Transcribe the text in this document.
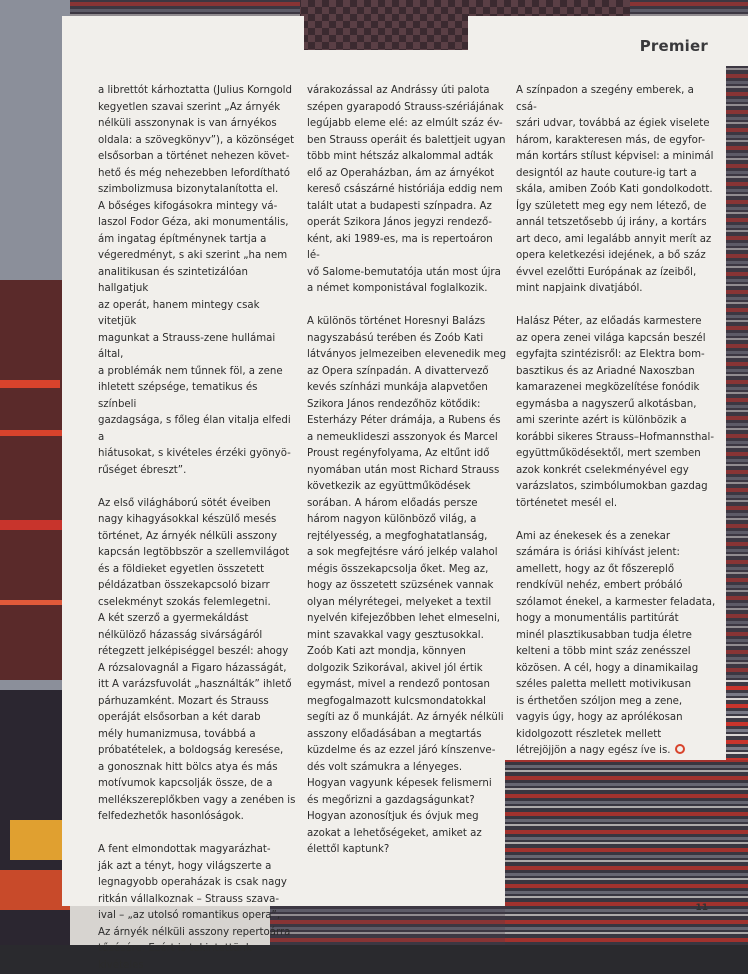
Premier

a librettót kárhoztatta (Julius Korngold
kegyetlen szavai szerint „Az árnyék
nélküli asszonynak is van árnyékos
oldala: a szövegkönyv”), a közönséget
elsősorban a történet nehezen követ-
hető és még nehezebben lefordítható
szimbolizmusa bizonytalanította el.
A bőséges kifogásokra mintegy vá-
laszol Fodor Géza, aki monumentális,
ám ingatag építménynek tartja a
végeredményt, s aki szerint „ha nem
analitikusan és szintetizálóan hallgatjuk
az operát, hanem mintegy csak vitetjük
magunkat a Strauss-zene hullámai által,
a problémák nem tűnnek föl, a zene
ihletett szépsége, tematikus és színbeli
gazdagsága, s főleg élan vitalja elfedi a
hiátusokat, s kivételes érzéki gyönyö-
rűséget ébreszt”.

Az első világháború sötét éveiben
nagy kihagyásokkal készülő mesés
történet, Az árnyék nélküli asszony
kapcsán legtöbbször a szellemvilágot
és a földieket egyetlen összetett
példázatban összekapcsoló bizarr
cselekményt szokás felemlegetni.
A két szerző a gyermekáldást
nélkülöző házasság sivárságáról
rétegzett jelképiséggel beszél: ahogy
A rózsalovagnál a Figaro házasságát,
itt A varázsfuvolát „használták” ihlető
párhuzamként. Mozart és Strauss
operáját elsősorban a két darab
mély humanizmusa, továbbá a
próbatételek, a boldogság keresése,
a gonosznak hitt bölcs atya és más
motívumok kapcsolják össze, de a
mellékszereplőkben vagy a zenében is
felfedezhetők hasonlóságok.

A fent elmondottak magyarázhat-
ják azt a tényt, hogy világszerte a
legnagyobb operaházak is csak nagy
ritkán vállalkoznak – Strauss szava-
ival – „az utolsó romantikus opera”,
Az árnyék nélküli asszony repertoárra
tűzésére. Ezért is tekintettünk kivételes

várakozással az Andrássy úti palota
szépen gyarapodó Strauss-szériájának
legújabb eleme elé: az elmúlt száz év-
ben Strauss operáit és balettjeit ugyan
több mint hétszáz alkalommal adták
elő az Operaházban, ám az árnyékot
kereső császárné históriája eddig nem
talált utat a budapesti színpadra. Az
operát Szikora János jegyzi rendező-
ként, aki 1989-es, ma is repertoáron lé-
vő Salome-bemutatója után most újra
a német komponistával foglalkozik.

A különös történet Horesnyi Balázs
nagyszabású terében és Zoób Kati
látványos jelmezeiben elevenedik meg
az Opera színpadán. A divattervező
kevés színházi munkája alapvetően
Szikora János rendezőhöz kötődik:
Esterházy Péter drámája, a Rubens és
a nemeuklideszi asszonyok és Marcel
Proust regényfolyama, Az eltűnt idő
nyomában után most Richard Strauss
következik az együttműködések
sorában. A három előadás persze
három nagyon különböző világ, a
rejtélyesség, a megfoghatatlanság,
a sok megfejtésre váró jelkép valahol
mégis összekapcsolja őket. Meg az,
hogy az összetett szüzsének vannak
olyan mélyrétegei, melyeket a textil
nyelvén kifejezőbben lehet elmeselni,
mint szavakkal vagy gesztusokkal.
Zoób Kati azt mondja, könnyen
dolgozik Szikorával, akivel jól értik
egymást, mivel a rendező pontosan
megfogalmazott kulcsmondatokkal
segíti az ő munkáját. Az árnyék nélküli
asszony előadásában a megtartás
küzdelme és az ezzel járó kínszenve-
dés volt számukra a lényeges.
Hogyan vagyunk képesek felismerni
és megőrizni a gazdagságunkat?
Hogyan azonosítjuk és óvjuk meg
azokat a lehetőségeket, amiket az
élettől kaptunk?

A színpadon a szegény emberek, a csá-
szári udvar, továbbá az égiek viselete
három, karakteresen más, de egyfor-
mán kortárs stílust képvisel: a minimál
designtól az haute couture-ig tart a
skála, amiben Zoób Kati gondolkodott.
Így született meg egy nem létező, de
annál tetszetősebb új irány, a kortárs
art deco, ami legalább annyit merít az
opera keletkezési idejének, a bő száz
évvel ezelőtti Európának az ízeiből,
mint napjaink divatjából.

Halász Péter, az előadás karmestere
az opera zenei világa kapcsán beszél
egyfajta szintézisről: az Elektra bom-
basztikus és az Ariadné Naxoszban
kamarazenei megközelítése fonódik
egymásba a nagyszerű alkotásban,
ami szerinte azért is különbözik a
korábbi sikeres Strauss–Hofmannsthal-
együttműködésektől, mert szemben
azok konkrét cselekményével egy
varázslatos, szimbólumokban gazdag
történetet mesél el.

Ami az énekesek és a zenekar
számára is óriási kihívást jelent:
amellett, hogy az őt főszereplő
rendkívül nehéz, embert próbáló
szólamot énekel, a karmester feladata,
hogy a monumentális partitúrát
minél plasztikusabban tudja életre
kelteni a több mint száz zenésszel
közösen. A cél, hogy a dinamikailag
széles paletta mellett motivikusan
is érthetően szóljon meg a zene,
vagyis úgy, hogy az aprólékosan
kidolgozott részletek mellett
létrejöjjön a nagy egész íve is.

11
